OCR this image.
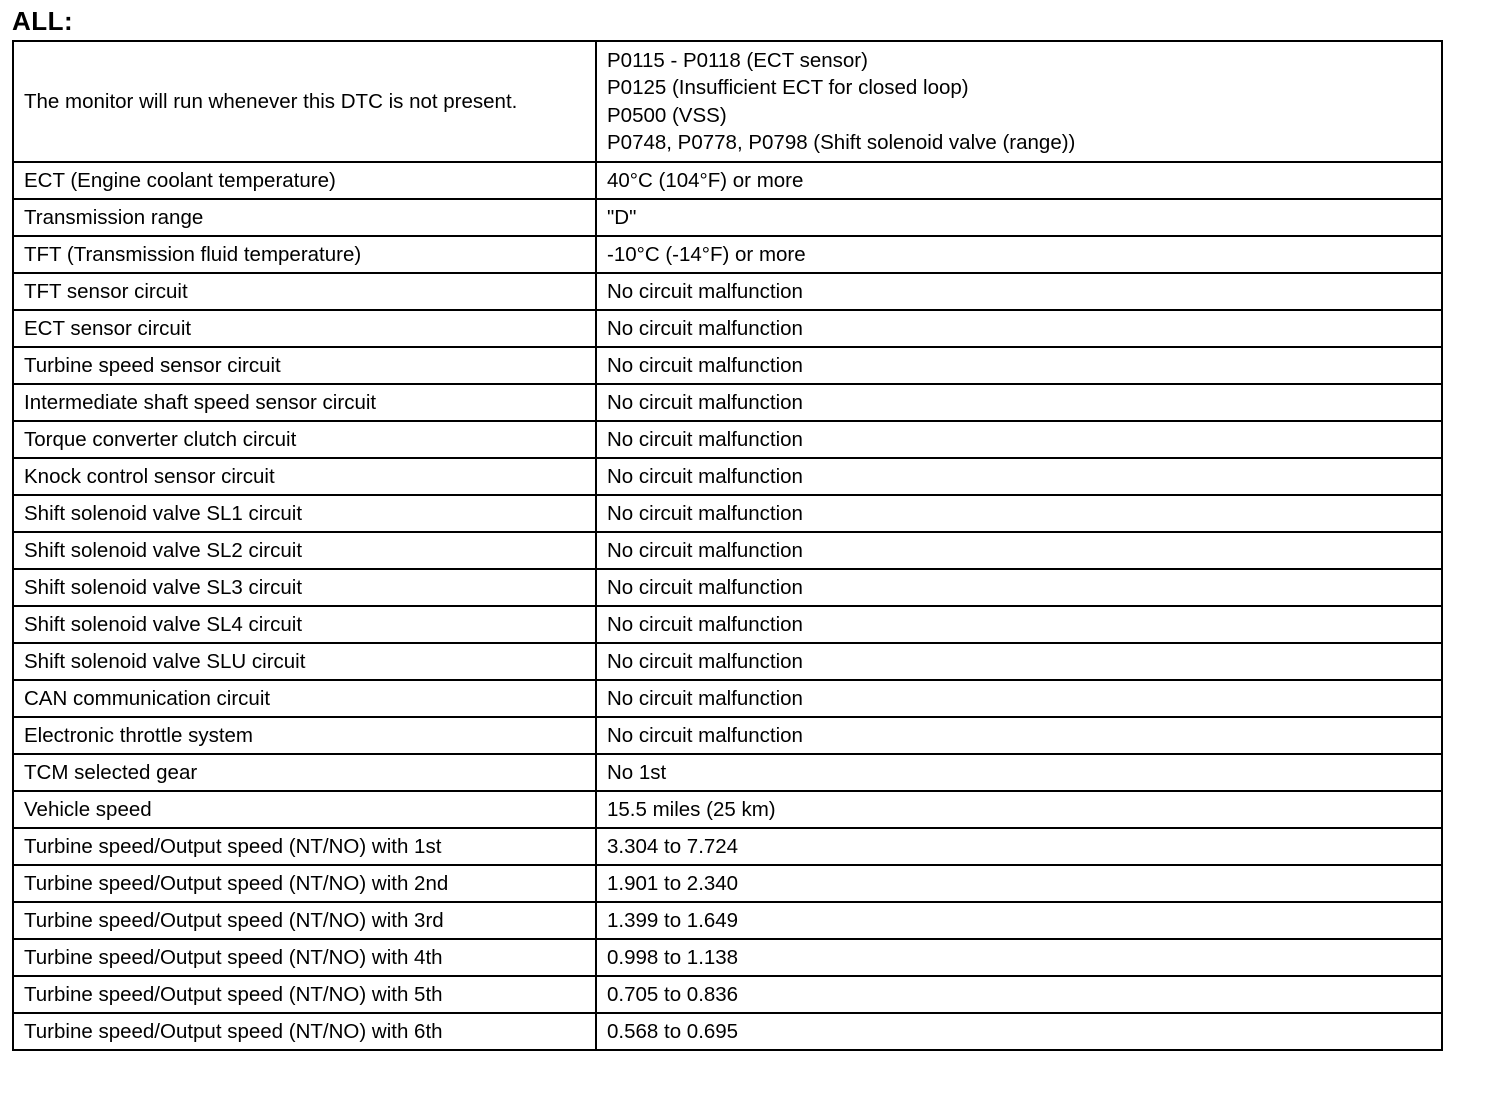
ALL:
The monitor will run whenever this DTC is not present.	P0115 - P0118 (ECT sensor)
P0125 (Insufficient ECT for closed loop)
P0500 (VSS)
P0748, P0778, P0798 (Shift solenoid valve (range))

ECT (Engine coolant temperature)	40°C (104°F) or more
Transmission range	"D"
TFT (Transmission fluid temperature)	-10°C (-14°F) or more
TFT sensor circuit	No circuit malfunction
ECT sensor circuit	No circuit malfunction
Turbine speed sensor circuit	No circuit malfunction
Intermediate shaft speed sensor circuit	No circuit malfunction
Torque converter clutch circuit	No circuit malfunction
Knock control sensor circuit	No circuit malfunction
Shift solenoid valve SL1 circuit	No circuit malfunction
Shift solenoid valve SL2 circuit	No circuit malfunction
Shift solenoid valve SL3 circuit	No circuit malfunction
Shift solenoid valve SL4 circuit	No circuit malfunction
Shift solenoid valve SLU circuit	No circuit malfunction
CAN communication circuit	No circuit malfunction
Electronic throttle system	No circuit malfunction
TCM selected gear	No 1st
Vehicle speed	15.5 miles (25 km)
Turbine speed/Output speed (NT/NO) with 1st	3.304 to 7.724
Turbine speed/Output speed (NT/NO) with 2nd	1.901 to 2.340
Turbine speed/Output speed (NT/NO) with 3rd	1.399 to 1.649
Turbine speed/Output speed (NT/NO) with 4th	0.998 to 1.138
Turbine speed/Output speed (NT/NO) with 5th	0.705 to 0.836
Turbine speed/Output speed (NT/NO) with 6th	0.568 to 0.695
